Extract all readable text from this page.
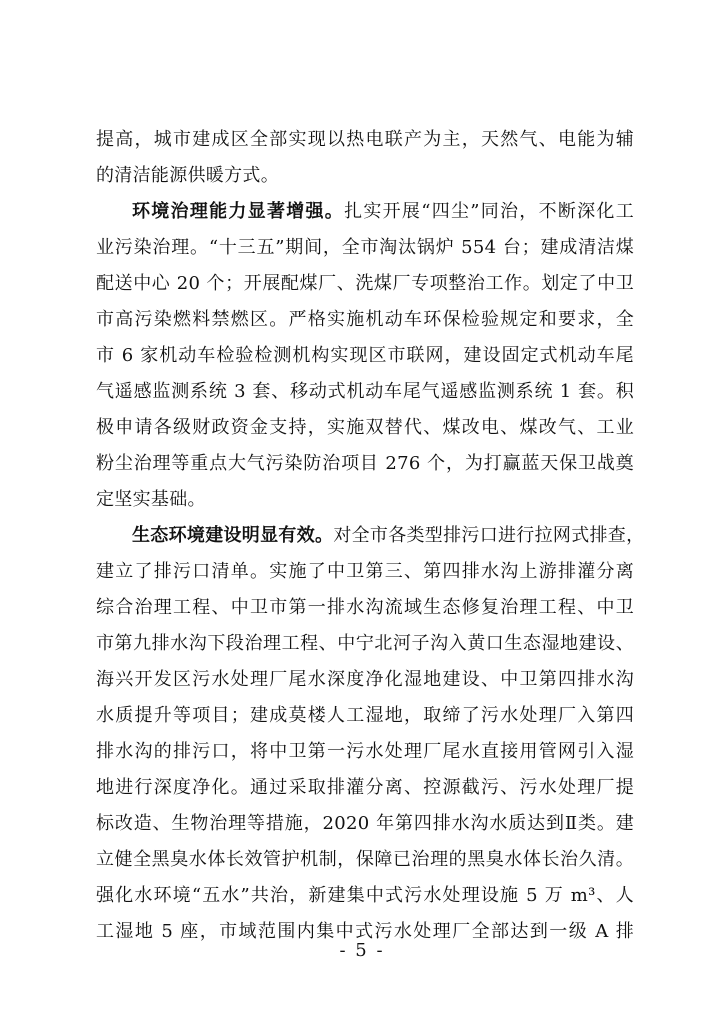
提高，城市建成区全部实现以热电联产为主，天然气、电能为辅
的清洁能源供暖方式。
环境治理能力显著增强。扎实开展“四尘”同治，不断深化工
业污染治理。“十三五”期间，全市淘汰锅炉 554 台；建成清洁煤
配送中心 20 个；开展配煤厂、洗煤厂专项整治工作。划定了中卫
市高污染燃料禁燃区。严格实施机动车环保检验规定和要求，全
市 6 家机动车检验检测机构实现区市联网，建设固定式机动车尾
气遥感监测系统 3 套、移动式机动车尾气遥感监测系统 1 套。积
极申请各级财政资金支持，实施双替代、煤改电、煤改气、工业
粉尘治理等重点大气污染防治项目 276 个，为打赢蓝天保卫战奠
定坚实基础。
生态环境建设明显有效。对全市各类型排污口进行拉网式排查，
建立了排污口清单。实施了中卫第三、第四排水沟上游排灌分离
综合治理工程、中卫市第一排水沟流域生态修复治理工程、中卫
市第九排水沟下段治理工程、中宁北河子沟入黄口生态湿地建设、
海兴开发区污水处理厂尾水深度净化湿地建设、中卫第四排水沟
水质提升等项目；建成莫楼人工湿地，取缔了污水处理厂入第四
排水沟的排污口，将中卫第一污水处理厂尾水直接用管网引入湿
地进行深度净化。通过采取排灌分离、控源截污、污水处理厂提
标改造、生物治理等措施，2020 年第四排水沟水质达到Ⅱ类。建
立健全黑臭水体长效管护机制，保障已治理的黑臭水体长治久清。
强化水环境“五水”共治，新建集中式污水处理设施 5 万 m³、人
工湿地 5 座，市域范围内集中式污水处理厂全部达到一级 A 排
- 5 -
